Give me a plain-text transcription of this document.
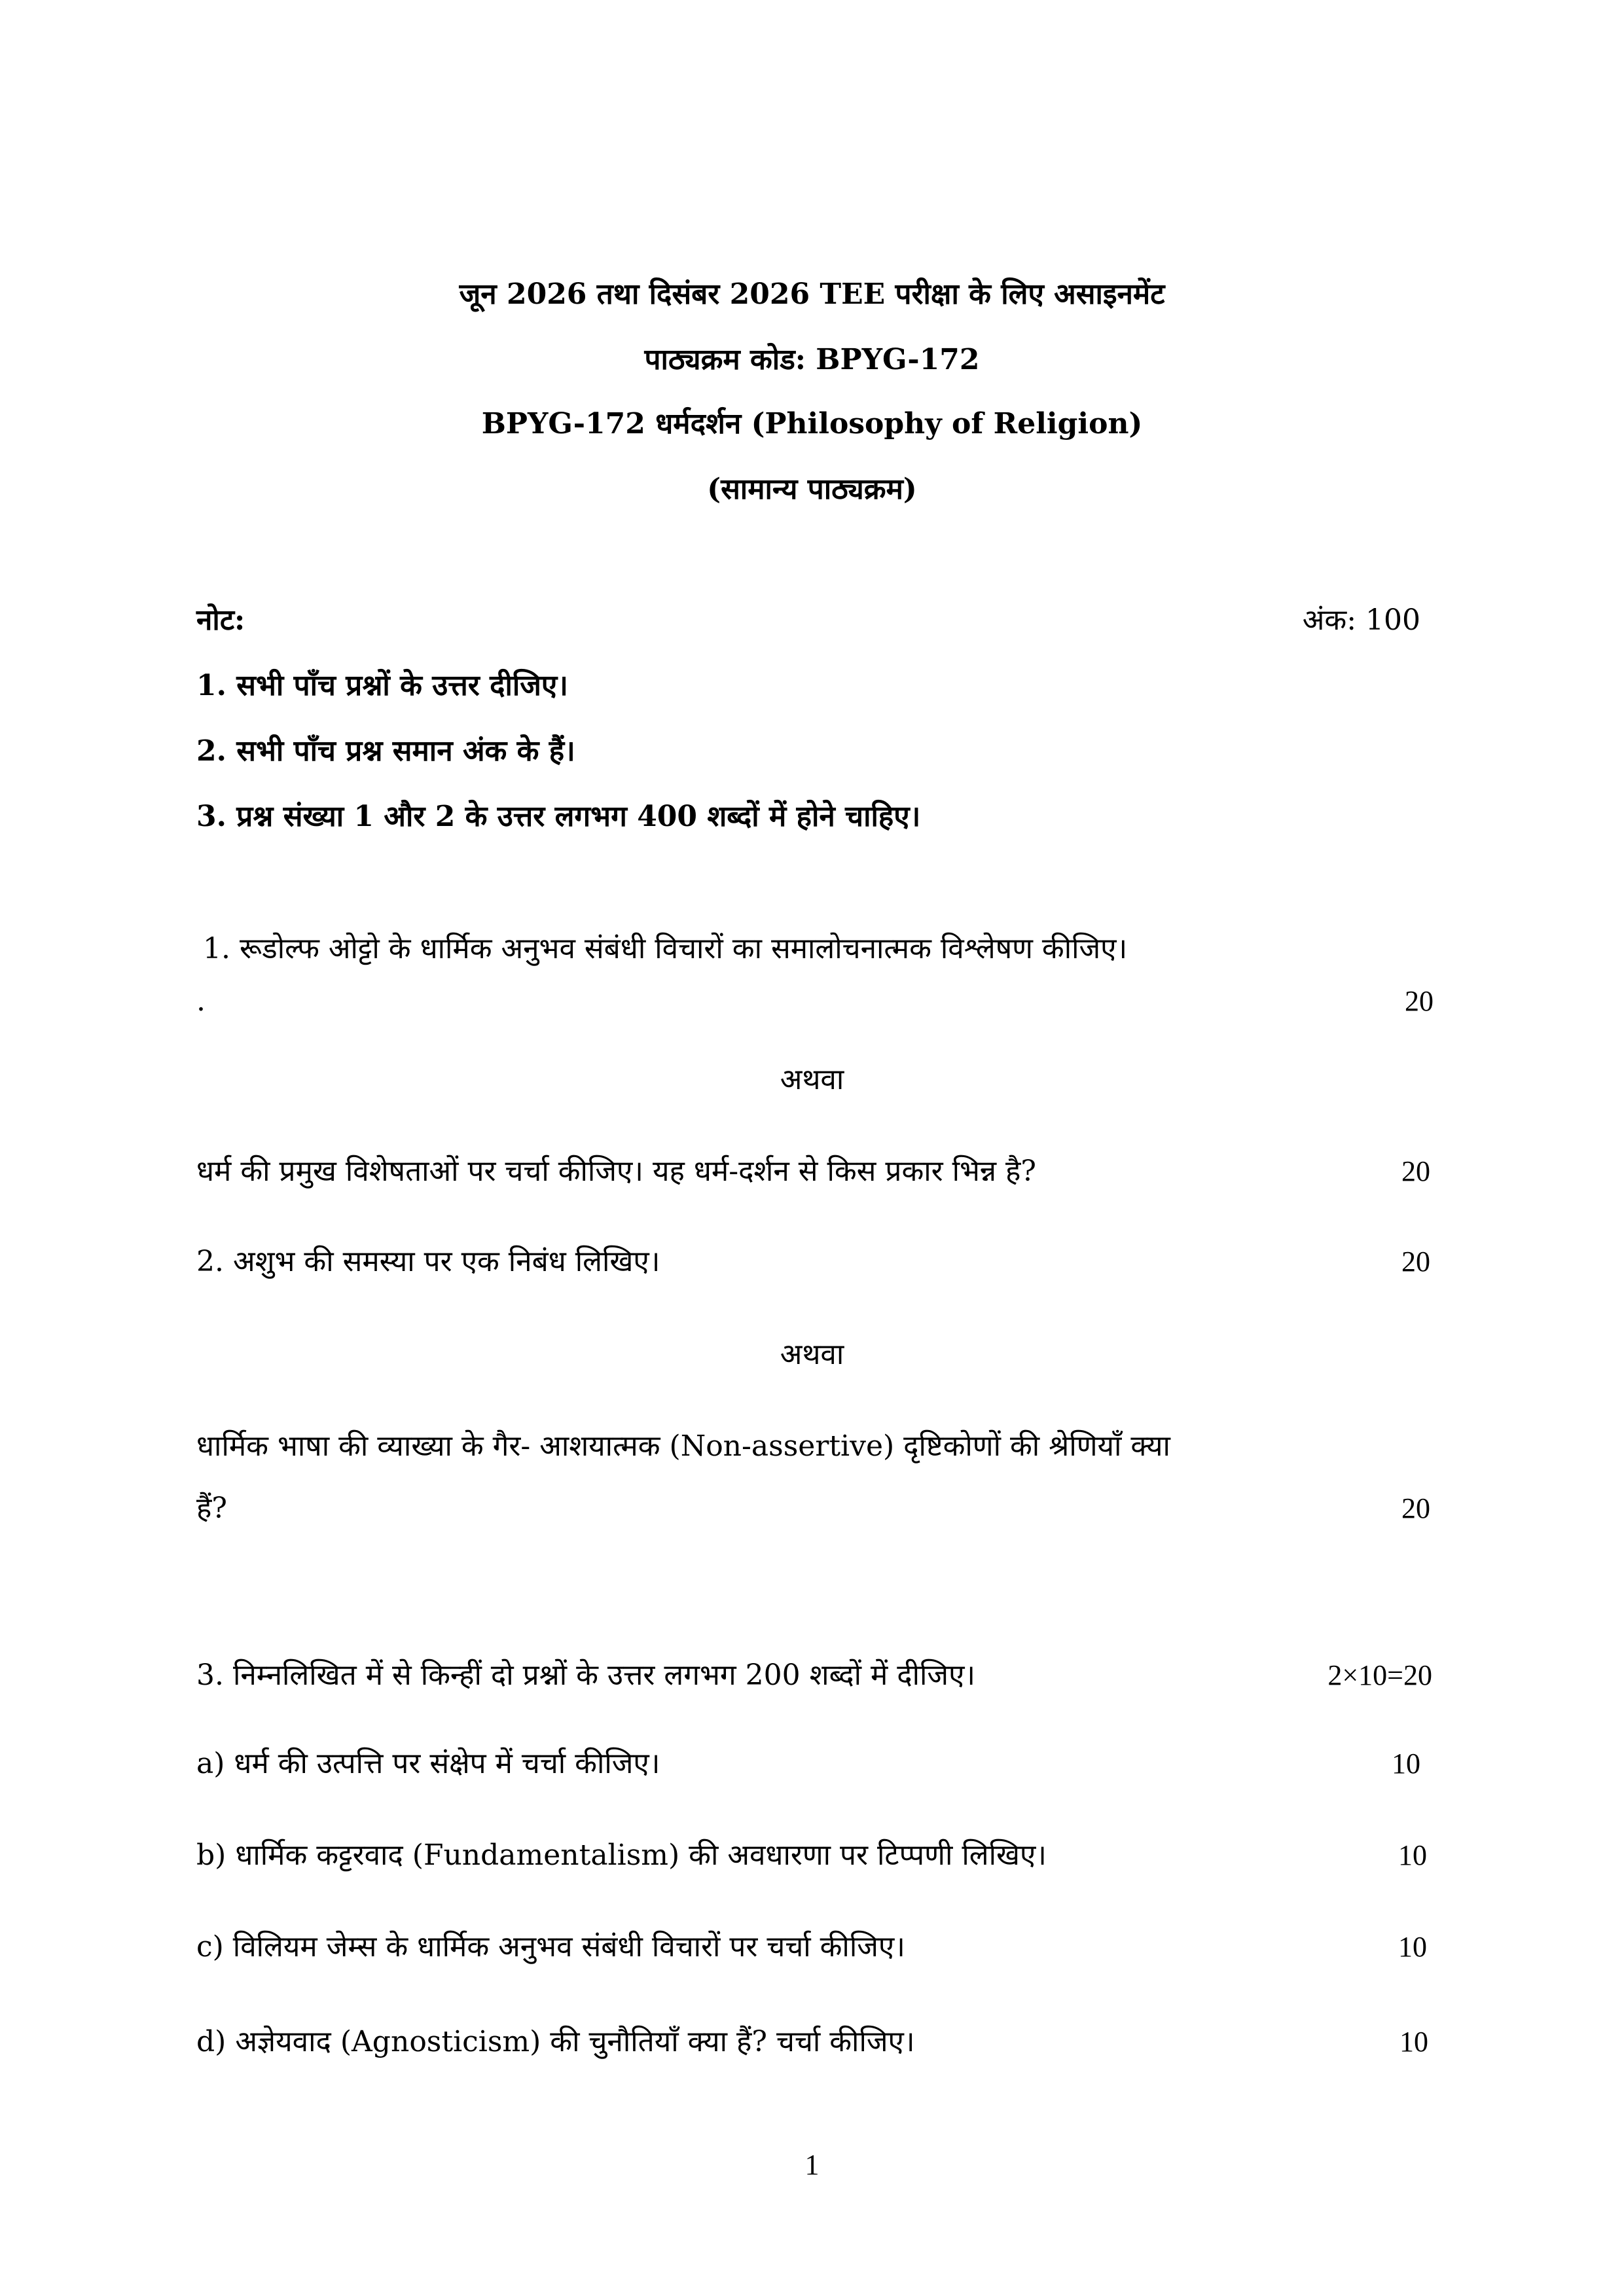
जून 2026 तथा दिसंबर 2026 TEE परीक्षा के लिए असाइनमेंट
पाठ्यक्रम कोड: BPYG-172
BPYG-172 धर्मदर्शन (Philosophy of Religion)
(सामान्य पाठ्यक्रम)
नोट:	अंक: 100
1. सभी पाँच प्रश्नों के उत्तर दीजिए।
2. सभी पाँच प्रश्न समान अंक के हैं।
3. प्रश्न संख्या 1 और 2 के उत्तर लगभग 400 शब्दों में होने चाहिए।
1. रूडोल्फ ओट्टो के धार्मिक अनुभव संबंधी विचारों का समालोचनात्मक विश्लेषण कीजिए।
.	20
अथवा
धर्म की प्रमुख विशेषताओं पर चर्चा कीजिए। यह धर्म-दर्शन से किस प्रकार भिन्न है?	20
2. अशुभ की समस्या पर एक निबंध लिखिए।	20
अथवा
धार्मिक भाषा की व्याख्या के गैर- आशयात्मक (Non-assertive) दृष्टिकोणों की श्रेणियाँ क्या
हैं?	20
3. निम्नलिखित में से किन्हीं दो प्रश्नों के उत्तर लगभग 200 शब्दों में दीजिए।	2×10=20
a) धर्म की उत्पत्ति पर संक्षेप में चर्चा कीजिए।	10
b) धार्मिक कट्टरवाद (Fundamentalism) की अवधारणा पर टिप्पणी लिखिए।	10
c) विलियम जेम्स के धार्मिक अनुभव संबंधी विचारों पर चर्चा कीजिए।	10
d) अज्ञेयवाद (Agnosticism) की चुनौतियाँ क्या हैं? चर्चा कीजिए।	10
1
